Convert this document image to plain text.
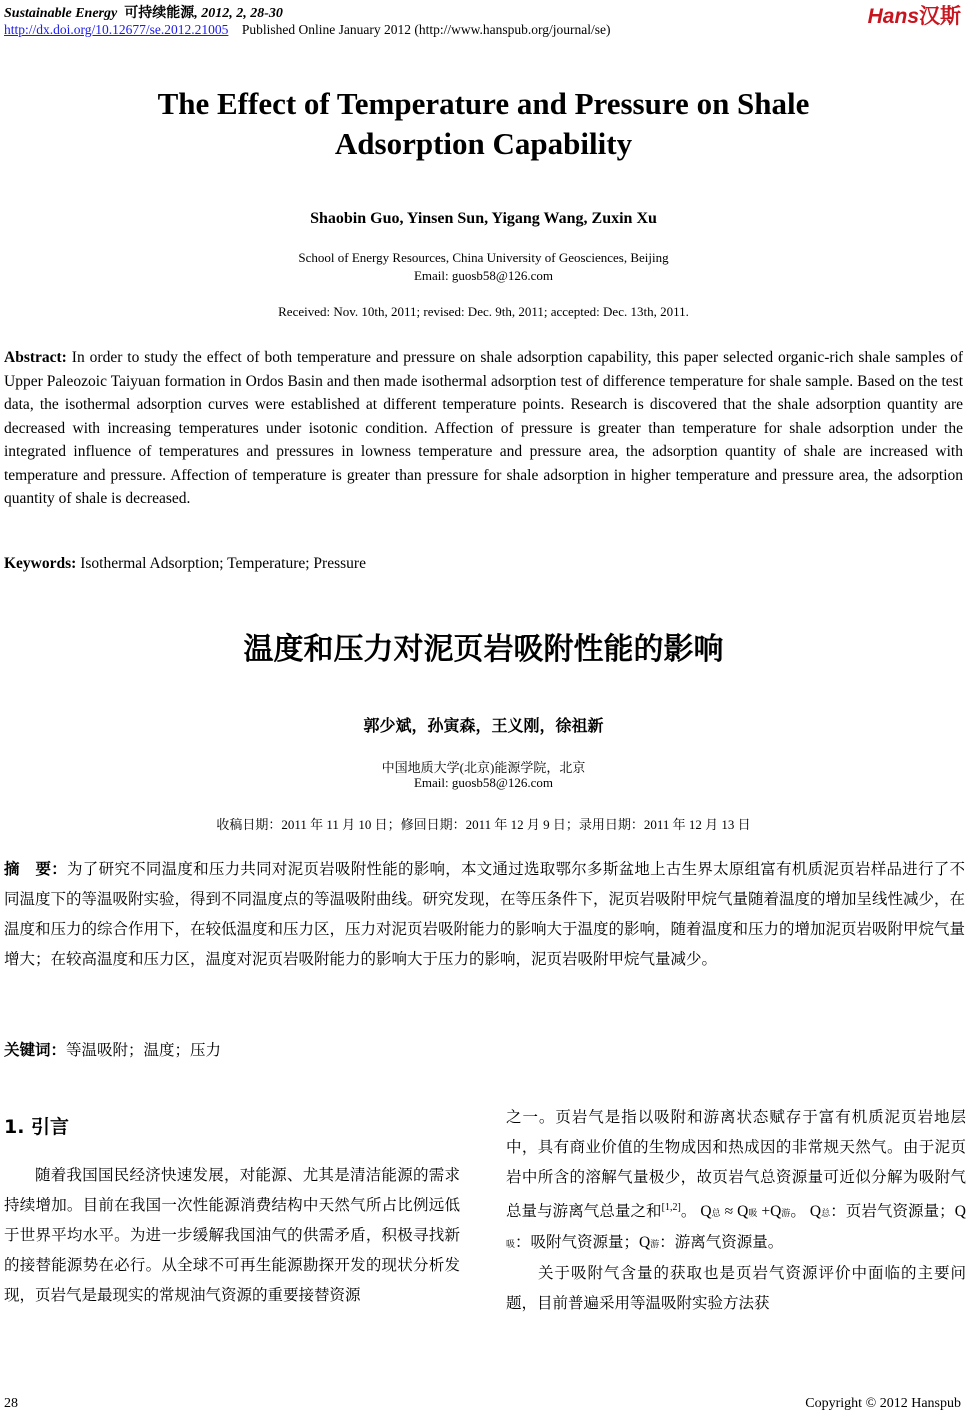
Sustainable Energy 可持续能源, 2012, 2, 28-30
http://dx.doi.org/10.12677/se.2012.21005 Published Online January 2012 (http://www.hanspub.org/journal/se)
Hans汉斯
The Effect of Temperature and Pressure on Shale
Adsorption Capability
Shaobin Guo, Yinsen Sun, Yigang Wang, Zuxin Xu
School of Energy Resources, China University of Geosciences, Beijing
Email: guosb58@126.com
Received: Nov. 10th, 2011; revised: Dec. 9th, 2011; accepted: Dec. 13th, 2011.
Abstract: In order to study the effect of both temperature and pressure on shale adsorption capability, this paper selected organic-rich shale samples of Upper Paleozoic Taiyuan formation in Ordos Basin and then made isothermal adsorption test of difference temperature for shale sample. Based on the test data, the isothermal adsorption curves were established at different temperature points. Research is discovered that the shale adsorption quantity are decreased with increasing temperatures under isotonic condition. Affection of pressure is greater than temperature for shale adsorption under the integrated influence of temperatures and pressures in lowness temperature and pressure area, the adsorption quantity of shale are increased with temperature and pressure. Affection of temperature is greater than pressure for shale adsorption in higher temperature and pressure area, the adsorption quantity of shale is decreased.
Keywords: Isothermal Adsorption; Temperature; Pressure
温度和压力对泥页岩吸附性能的影响
郭少斌，孙寅森，王义刚，徐祖新
中国地质大学(北京)能源学院，北京
Email: guosb58@126.com
收稿日期：2011 年 11 月 10 日；修回日期：2011 年 12 月 9 日；录用日期：2011 年 12 月 13 日
摘　要：为了研究不同温度和压力共同对泥页岩吸附性能的影响，本文通过选取鄂尔多斯盆地上古生界太原组富有机质泥页岩样品进行了不同温度下的等温吸附实验，得到不同温度点的等温吸附曲线。研究发现，在等压条件下，泥页岩吸附甲烷气量随着温度的增加呈线性减少，在温度和压力的综合作用下，在较低温度和压力区，压力对泥页岩吸附能力的影响大于温度的影响，随着温度和压力的增加泥页岩吸附甲烷气量增大；在较高温度和压力区，温度对泥页岩吸附能力的影响大于压力的影响，泥页岩吸附甲烷气量减少。
关键词：等温吸附；温度；压力
1. 引言
随着我国国民经济快速发展，对能源、尤其是清洁能源的需求持续增加。目前在我国一次性能源消费结构中天然气所占比例远低于世界平均水平。为进一步缓解我国油气的供需矛盾，积极寻找新的接替能源势在必行。从全球不可再生能源勘探开发的现状分析发现，页岩气是最现实的常规油气资源的重要接替资源
之一。页岩气是指以吸附和游离状态赋存于富有机质泥页岩地层中，具有商业价值的生物成因和热成因的非常规天然气。由于泥页岩中所含的溶解气量极少，故页岩气总资源量可近似分解为吸附气总量与游离气总量之和[1,2]。 Q总 ≈ Q吸 +Q游。 Q总：页岩气资源量；Q吸：吸附气资源量；Q游：游离气资源量。
关于吸附气含量的获取也是页岩气资源评价中面临的主要问题，目前普遍采用等温吸附实验方法获
28	Copyright © 2012 Hanspub
